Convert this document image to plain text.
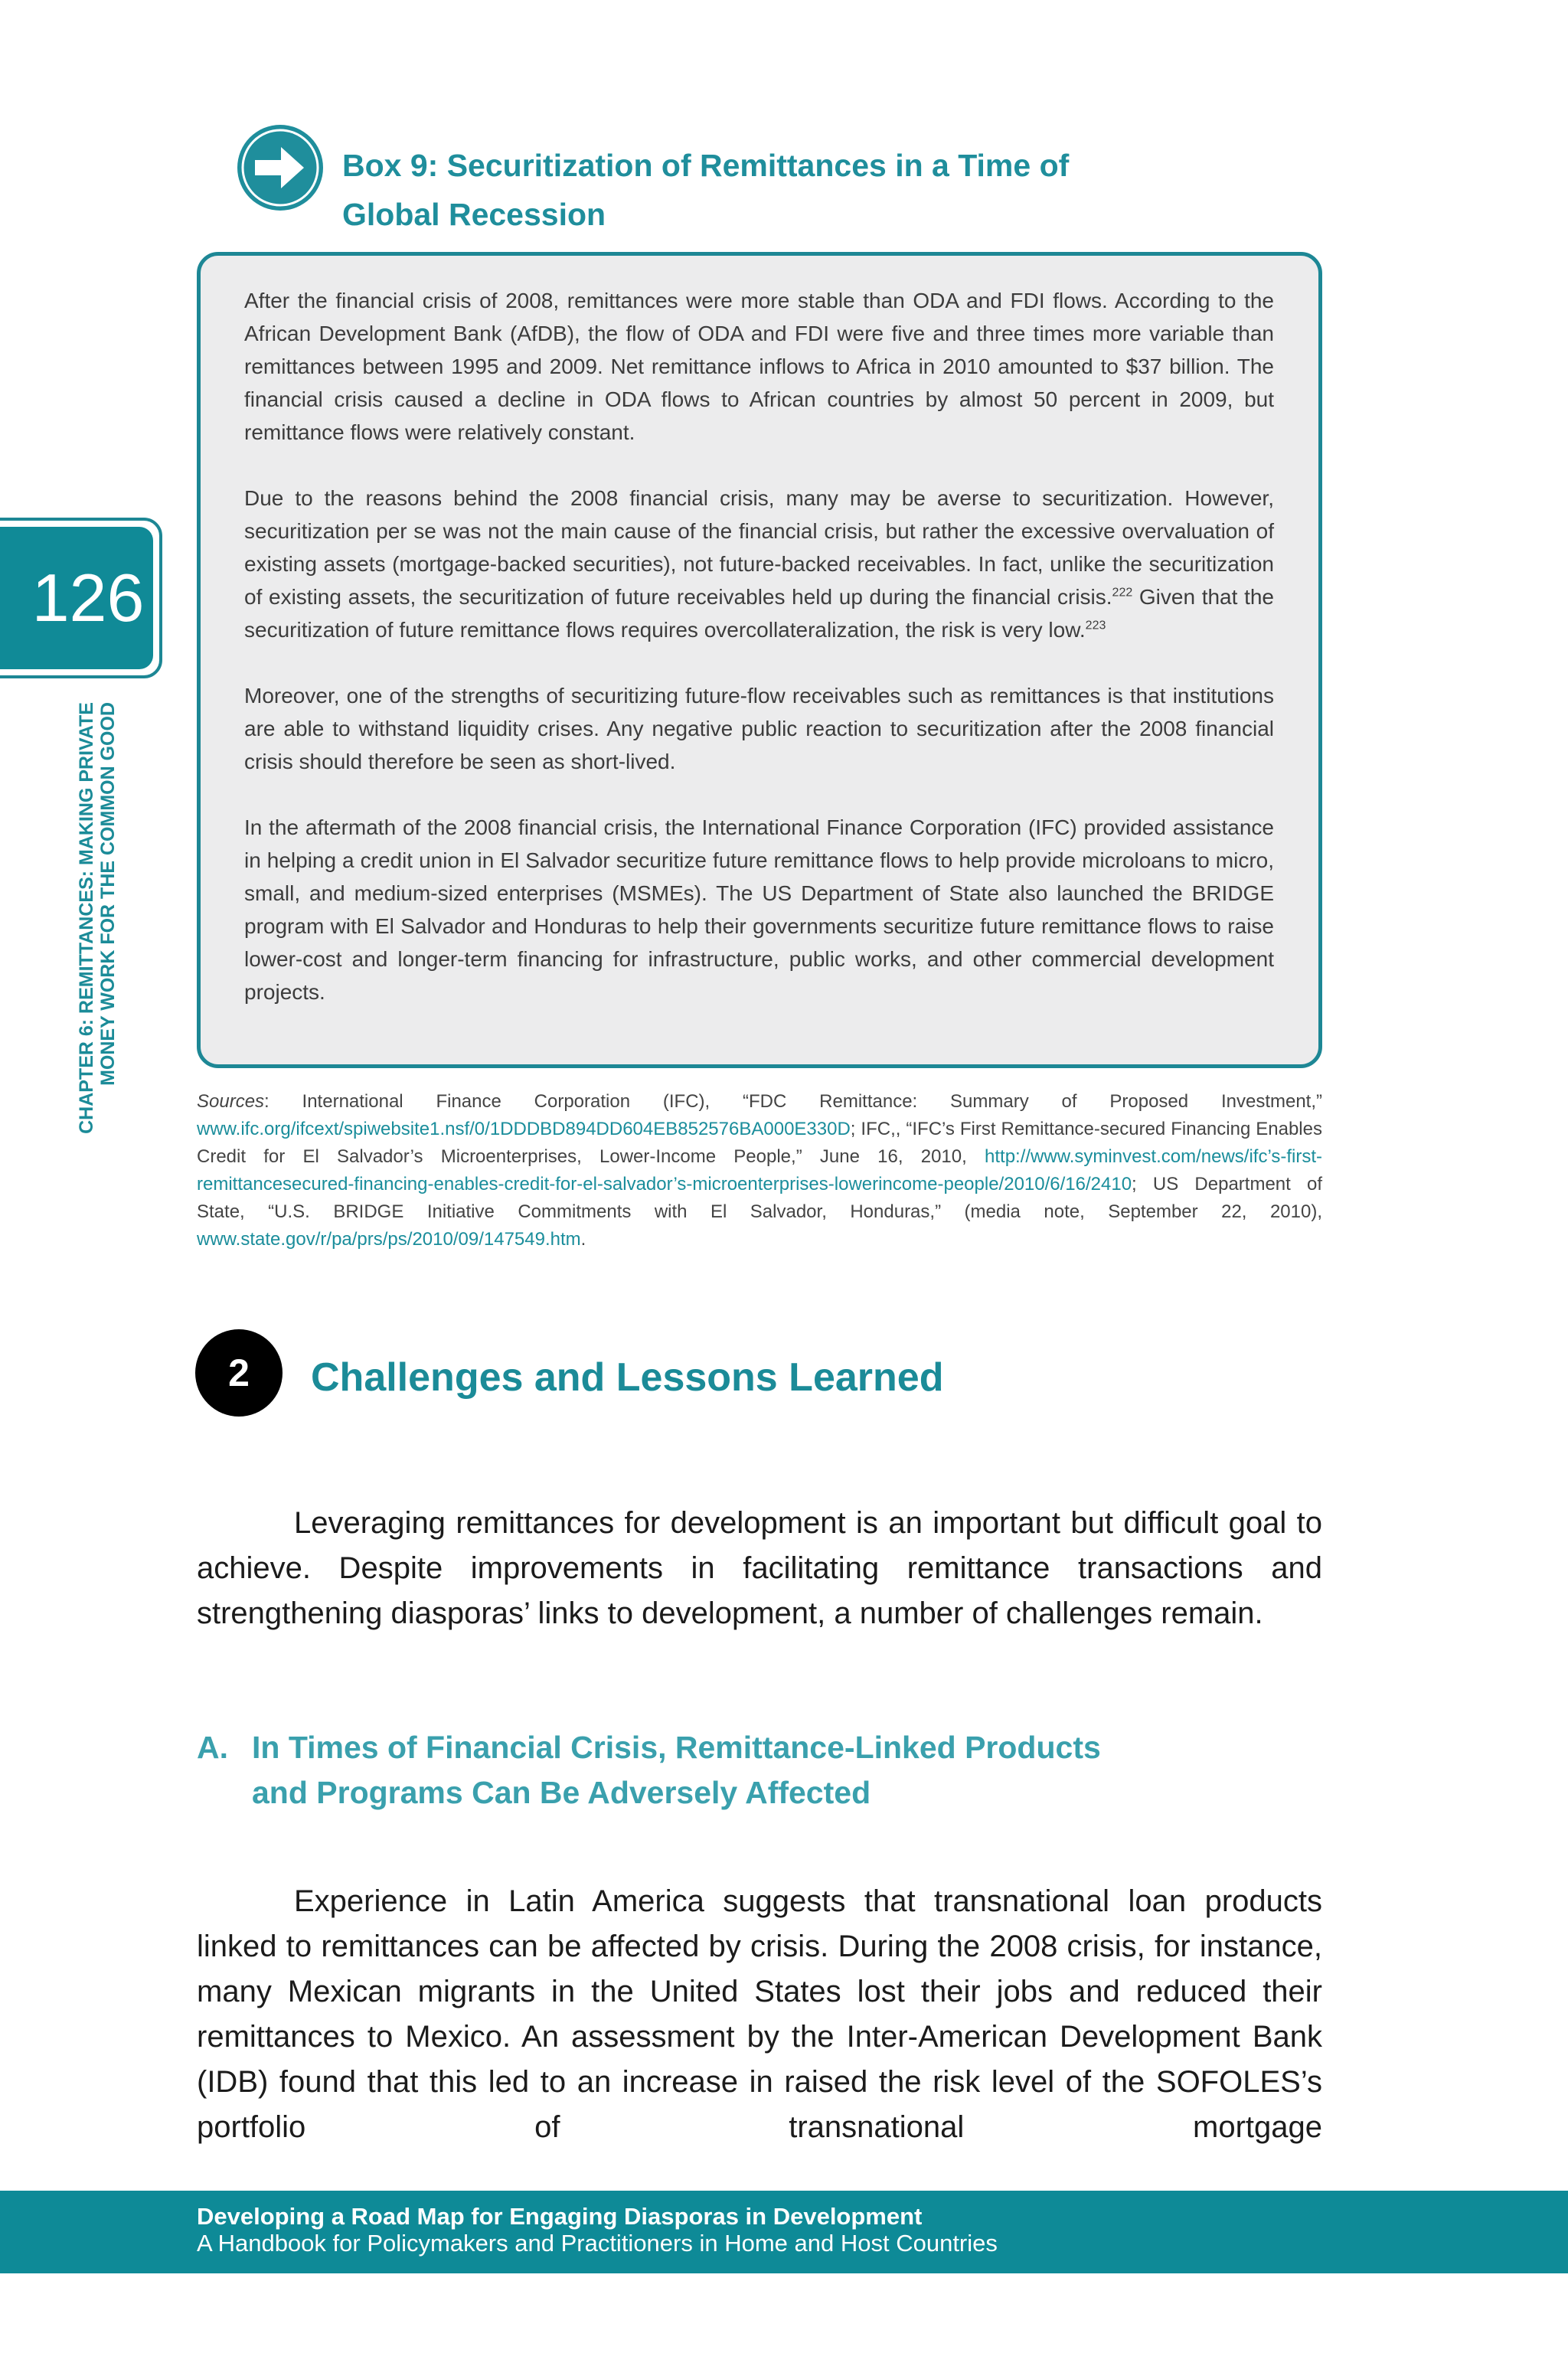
126
CHAPTER 6: REMITTANCES: MAKING PRIVATE MONEY WORK FOR THE COMMON GOOD
Box 9: Securitization of Remittances in a Time of
Global Recession

After the financial crisis of 2008, remittances were more stable than ODA and FDI flows. According to the African Development Bank (AfDB), the flow of ODA and FDI were five and three times more variable than remittances between 1995 and 2009. Net remittance inflows to Africa in 2010 amounted to $37 billion. The financial crisis caused a decline in ODA flows to African countries by almost 50 percent in 2009, but remittance flows were relatively constant.

Due to the reasons behind the 2008 financial crisis, many may be averse to securitization. However, securitization per se was not the main cause of the financial crisis, but rather the excessive overvaluation of existing assets (mortgage-backed securities), not future-backed receivables. In fact, unlike the securitization of existing assets, the securitization of future receivables held up during the financial crisis.$^{222}$ Given that the securitization of future remittance flows requires overcollateralization, the risk is very low.$^{223}$

Moreover, one of the strengths of securitizing future-flow receivables such as remittances is that institutions are able to withstand liquidity crises. Any negative public reaction to securitization after the 2008 financial crisis should therefore be seen as short-lived.

In the aftermath of the 2008 financial crisis, the International Finance Corporation (IFC) provided assistance in helping a credit union in El Salvador securitize future remittance flows to help provide microloans to micro, small, and medium-sized enterprises (MSMEs). The US Department of State also launched the BRIDGE program with El Salvador and Honduras to help their governments securitize future remittance flows to raise lower-cost and longer-term financing for infrastructure, public works, and other commercial development projects.

Sources: International Finance Corporation (IFC), “FDC Remittance: Summary of Proposed Investment,” www.ifc.org/ifcext/spiwebsite1.nsf/0/1DDDBD894DD604EB852576BA000E330D; IFC,, “IFC’s First Remittance-secured Financing Enables Credit for El Salvador’s Microenterprises, Lower-Income People,” June 16, 2010, http://www.syminvest.com/news/ifc’s-first-remittancesecured-financing-enables-credit-for-el-salvador’s-microenterprises-lowerincome-people/2010/6/16/2410; US Department of State, “U.S. BRIDGE Initiative Commitments with El Salvador, Honduras,” (media note, September 22, 2010), www.state.gov/r/pa/prs/ps/2010/09/147549.htm.

2 Challenges and Lessons Learned

Leveraging remittances for development is an important but difficult goal to achieve. Despite improvements in facilitating remittance transactions and strengthening diasporas’ links to development, a number of challenges remain.

A. In Times of Financial Crisis, Remittance-Linked Products
and Programs Can Be Adversely Affected

Experience in Latin America suggests that transnational loan products linked to remittances can be affected by crisis. During the 2008 crisis, for instance, many Mexican migrants in the United States lost their jobs and reduced their remittances to Mexico. An assessment by the Inter-American Development Bank (IDB) found that this led to an increase in raised the risk level of the SOFOLES’s portfolio of transnational mortgage

Developing a Road Map for Engaging Diasporas in Development
A Handbook for Policymakers and Practitioners in Home and Host Countries
